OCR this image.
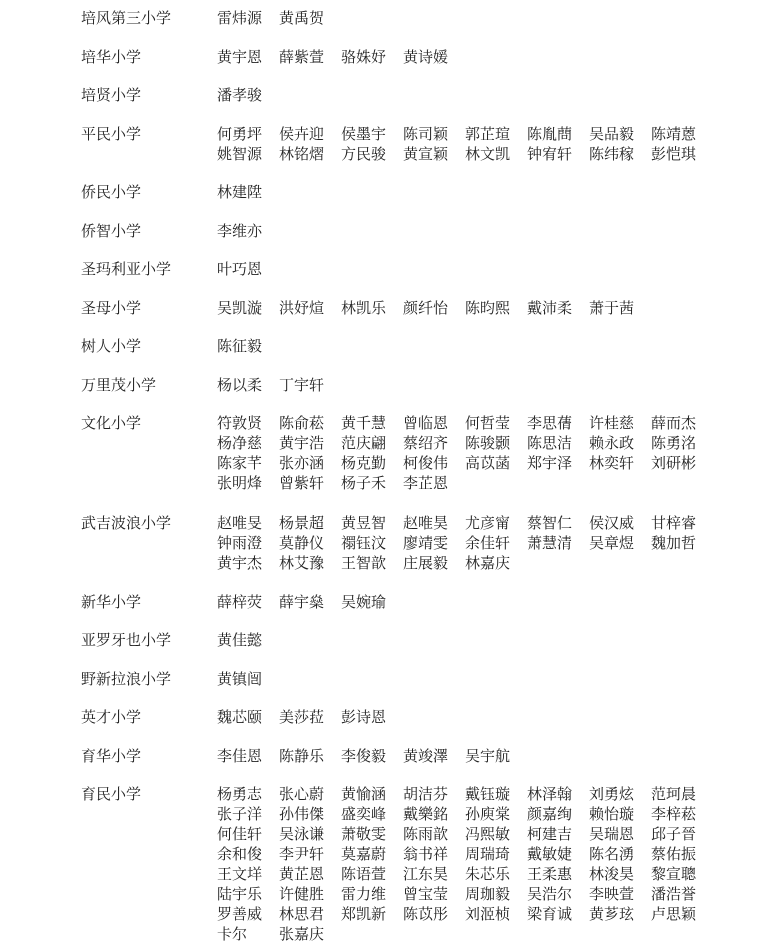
培风第三小学	雷炜源	黄禹贺
培华小学	黄宇恩	薛紫萱	骆姝妤	黄诗媛
培贤小学	潘孝骏
平民小学	何勇坪	侯卉迎	侯墨宇	陈司颖	郭芷瑄	陈胤蔄	吴品毅	陈靖蒽
姚智源	林铭熠	方民骏	黄宣颖	林文凯	钟宥轩	陈纬稼	彭恺琪
侨民小学	林建陞
侨智小学	李维亦
圣玛利亚小学	叶巧恩
圣母小学	吴凯漩	洪妤煊	林凯乐	颜纤怡	陈昀熙	戴沛柔	萧于茜
树人小学	陈征毅
万里茂小学	杨以柔	丁宇轩
文化小学	符敦贤	陈俞菘	黄千慧	曾临恩	何哲莹	李思蒨	许桂慈	薛而杰
杨净慈	黄宇浩	范庆翩	蔡绍齐	陈骏颢	陈思洁	赖永政	陈勇洺
陈家芊	张亦涵	杨克勤	柯俊伟	高苡菡	郑宇泽	林奕轩	刘研彬
张明烽	曾紫轩	杨子禾	李芷恩
武吉波浪小学	赵唯旻	杨景超	黄昱智	赵唯昊	尤彦甯	蔡智仁	侯汉威	甘梓睿
钟雨澄	莫静仪	禤钰汶	廖靖雯	余佳轩	萧慧清	吴章煜	魏加哲
黄宇杰	林艾豫	王智歆	庄展毅	林嘉庆
新华小学	薛梓荧	薛宇燊	吴婉瑜
亚罗牙也小学	黄佳懿
野新拉浪小学	黄镇闿
英才小学	魏芯颐	美莎菈	彭诗恩
育华小学	李佳恩	陈静乐	李俊毅	黄竣澤	吴宇航
育民小学	杨勇志	张心蔚	黄愉涵	胡洁芬	戴钰璇	林泽翰	刘勇炫	范珂晨
张子洋	孙伟傑	盛奕峰	戴樂銘	孙庾棠	颜嘉绚	赖怡璇	李梓菘
何佳轩	吴泳谦	萧敬雯	陈雨歆	冯熙敏	柯建吉	吴瑞恩	邱子晉
余和俊	李尹轩	莫嘉蔚	翁书祥	周瑞琦	戴敏婕	陈名湧	蔡佑振
王文垟	黄芷恩	陈语萱	江东昊	朱芯乐	王柔惠	林浚昊	黎宣聰
陆宇乐	许健胜	雷力维	曾宝莹	周珈毅	吴浩尔	李映萱	潘浩誉
罗善威	林思君	郑凯新	陈苡彤	刘洍桢	梁育诚	黄芗玹	卢思颖
卡尔	张嘉庆
